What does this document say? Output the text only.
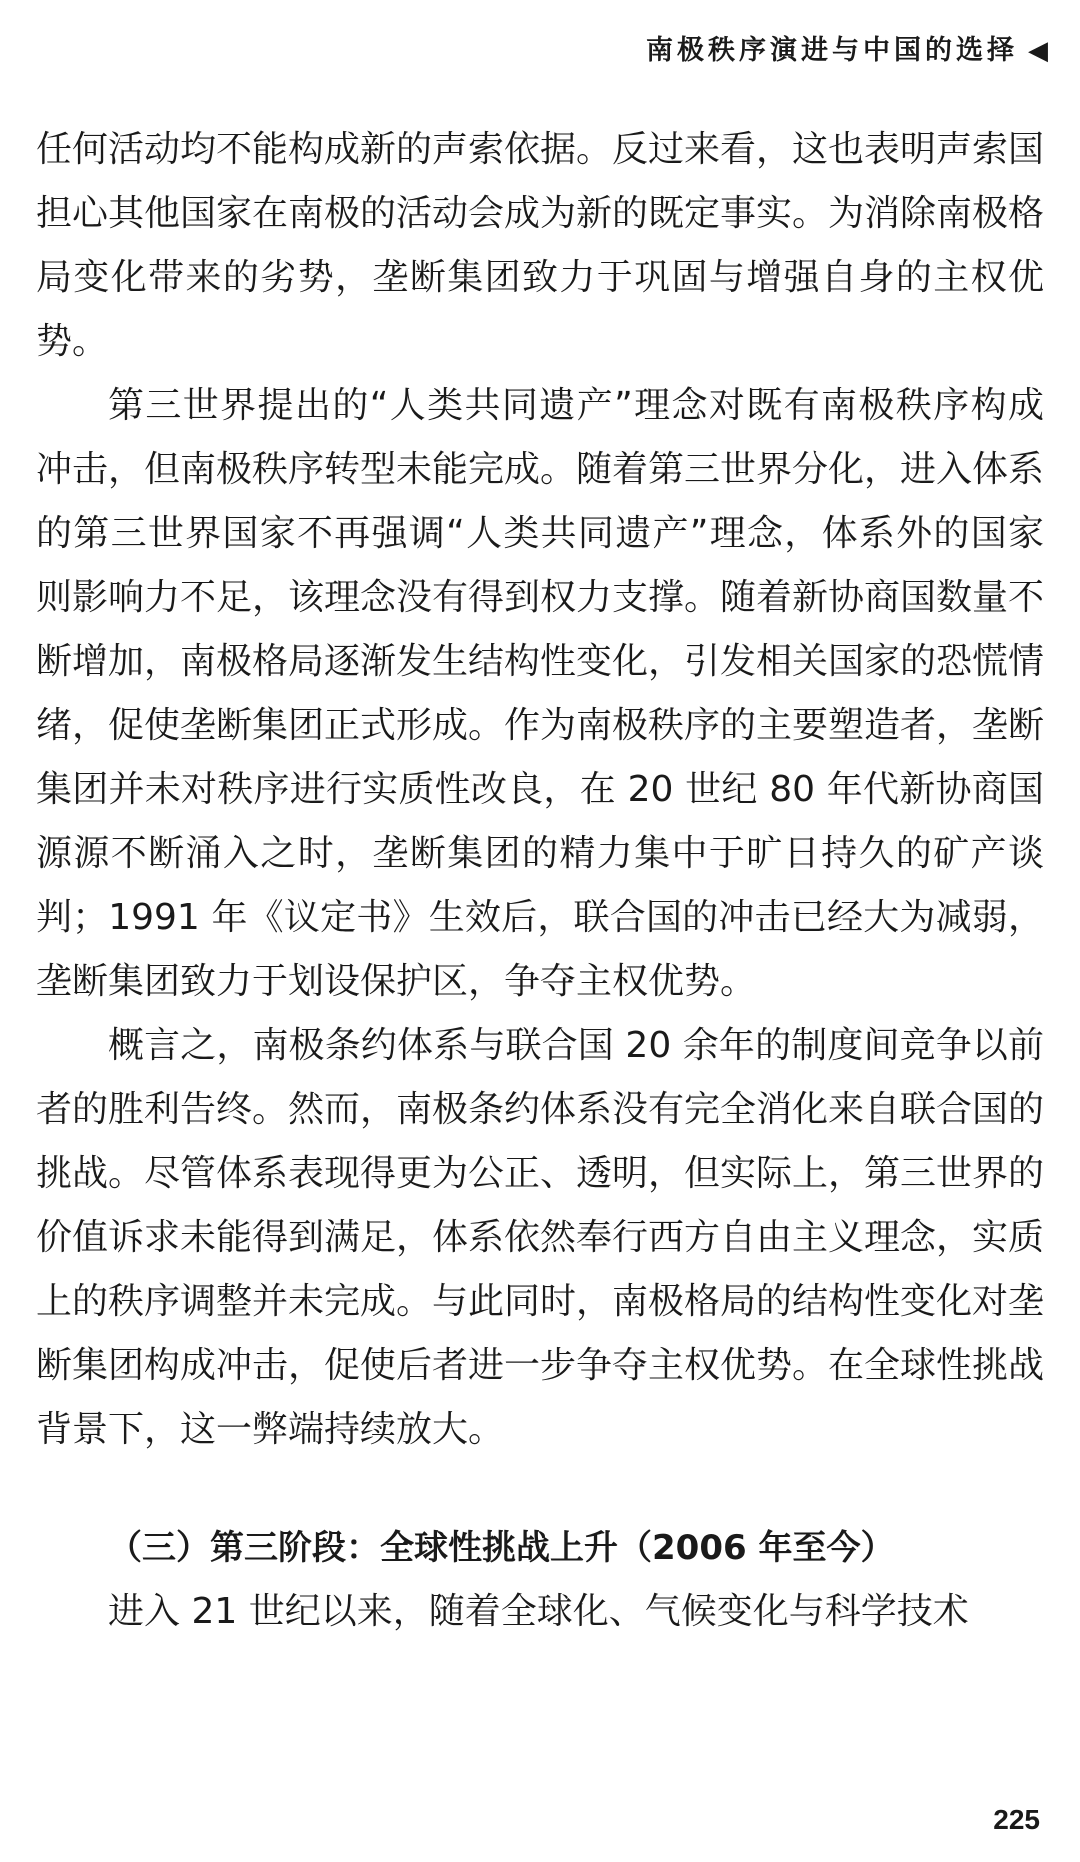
南极秩序演进与中国的选择 ◀

任何活动均不能构成新的声索依据。反过来看，这也表明声索国担心其他国家在南极的活动会成为新的既定事实。为消除南极格局变化带来的劣势，垄断集团致力于巩固与增强自身的主权优势。

第三世界提出的“人类共同遗产”理念对既有南极秩序构成冲击，但南极秩序转型未能完成。随着第三世界分化，进入体系的第三世界国家不再强调“人类共同遗产”理念，体系外的国家则影响力不足，该理念没有得到权力支撑。随着新协商国数量不断增加，南极格局逐渐发生结构性变化，引发相关国家的恐慌情绪，促使垄断集团正式形成。作为南极秩序的主要塑造者，垄断集团并未对秩序进行实质性改良，在 20 世纪 80 年代新协商国源源不断涌入之时，垄断集团的精力集中于旷日持久的矿产谈判；1991 年《议定书》生效后，联合国的冲击已经大为减弱，垄断集团致力于划设保护区，争夺主权优势。

概言之，南极条约体系与联合国 20 余年的制度间竞争以前者的胜利告终。然而，南极条约体系没有完全消化来自联合国的挑战。尽管体系表现得更为公正、透明，但实际上，第三世界的价值诉求未能得到满足，体系依然奉行西方自由主义理念，实质上的秩序调整并未完成。与此同时，南极格局的结构性变化对垄断集团构成冲击，促使后者进一步争夺主权优势。在全球性挑战背景下，这一弊端持续放大。

（三）第三阶段：全球性挑战上升（2006 年至今）

进入 21 世纪以来，随着全球化、气候变化与科学技术

225
